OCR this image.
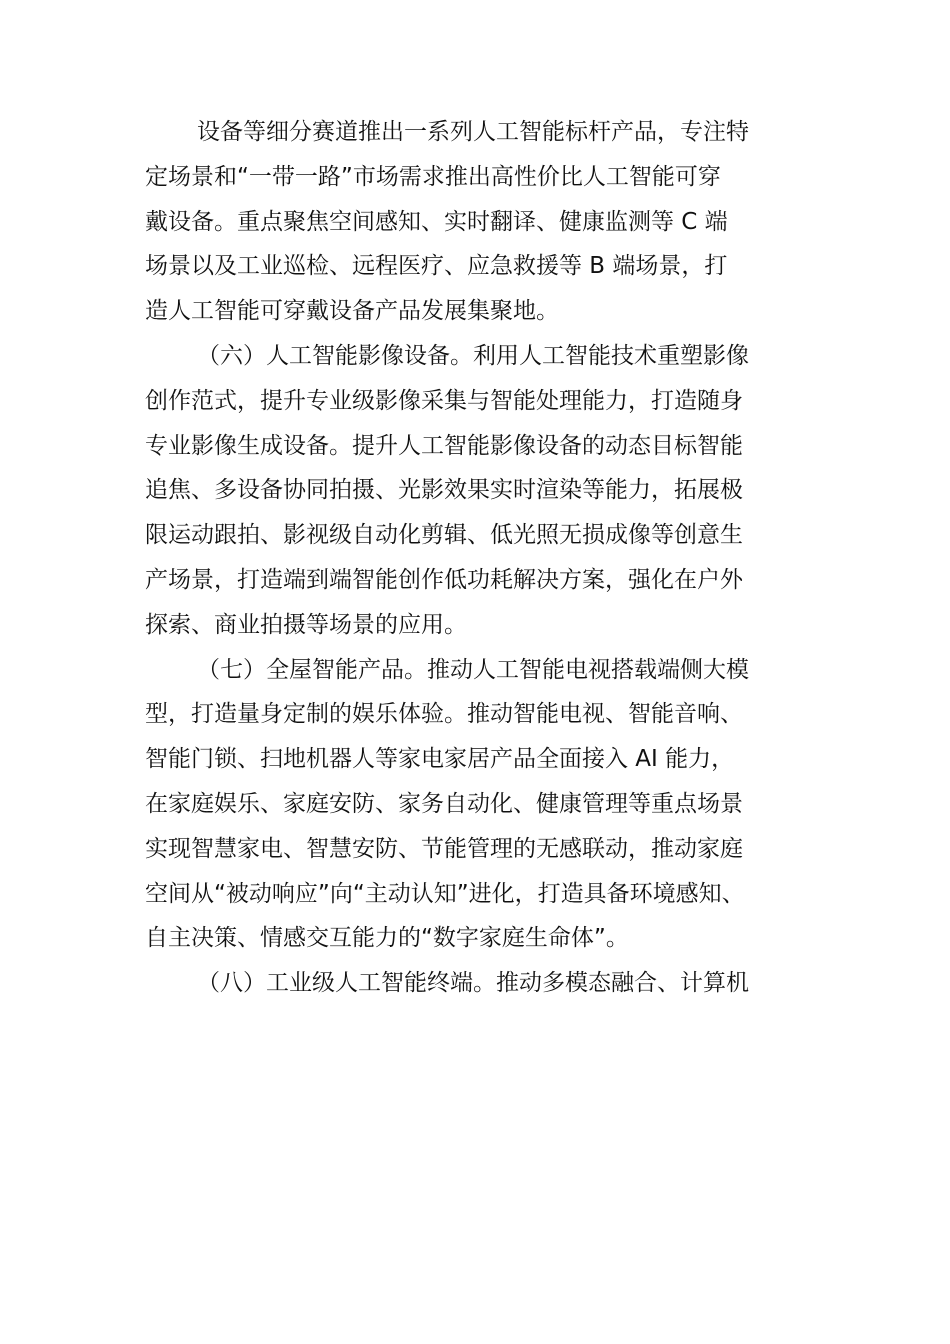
设备等细分赛道推出一系列人工智能标杆产品，专注特
定场景和“一带一路”市场需求推出高性价比人工智能可穿
戴设备。重点聚焦空间感知、实时翻译、健康监测等 C 端
场景以及工业巡检、远程医疗、应急救援等 B 端场景，打
造人工智能可穿戴设备产品发展集聚地。
（六）人工智能影像设备。利用人工智能技术重塑影像
创作范式，提升专业级影像采集与智能处理能力，打造随身
专业影像生成设备。提升人工智能影像设备的动态目标智能
追焦、多设备协同拍摄、光影效果实时渲染等能力，拓展极
限运动跟拍、影视级自动化剪辑、低光照无损成像等创意生
产场景，打造端到端智能创作低功耗解决方案，强化在户外
探索、商业拍摄等场景的应用。
（七）全屋智能产品。推动人工智能电视搭载端侧大模
型，打造量身定制的娱乐体验。推动智能电视、智能音响、
智能门锁、扫地机器人等家电家居产品全面接入 AI 能力，
在家庭娱乐、家庭安防、家务自动化、健康管理等重点场景
实现智慧家电、智慧安防、节能管理的无感联动，推动家庭
空间从“被动响应”向“主动认知”进化，打造具备环境感知、
自主决策、情感交互能力的“数字家庭生命体”。
（八）工业级人工智能终端。推动多模态融合、计算机
